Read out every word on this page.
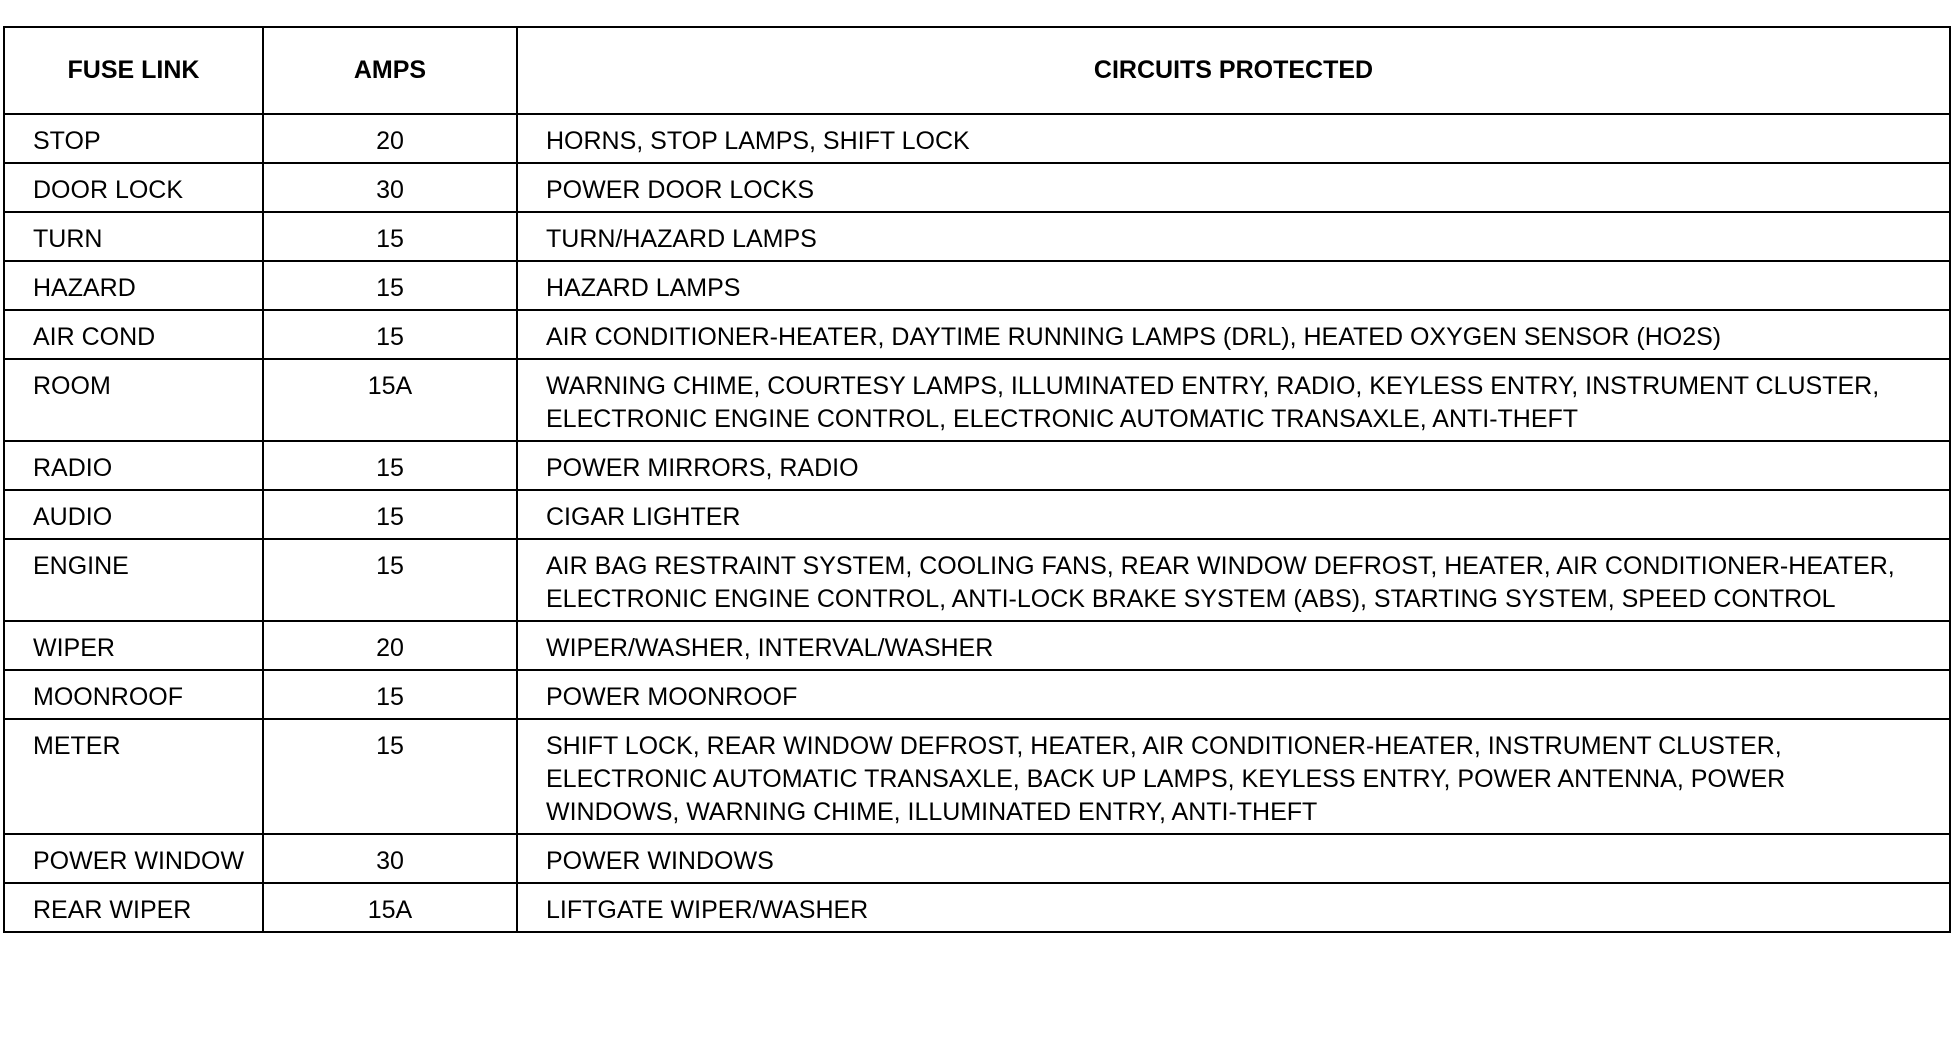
FUSE LINK	AMPS	CIRCUITS PROTECTED
STOP	20	HORNS, STOP LAMPS, SHIFT LOCK
DOOR LOCK	30	POWER DOOR LOCKS
TURN	15	TURN/HAZARD LAMPS
HAZARD	15	HAZARD LAMPS
AIR COND	15	AIR CONDITIONER-HEATER, DAYTIME RUNNING LAMPS (DRL), HEATED OXYGEN SENSOR (HO2S)
ROOM	15A	WARNING CHIME, COURTESY LAMPS, ILLUMINATED ENTRY, RADIO, KEYLESS ENTRY, INSTRUMENT CLUSTER, ELECTRONIC ENGINE CONTROL, ELECTRONIC AUTOMATIC TRANSAXLE, ANTI-THEFT
RADIO	15	POWER MIRRORS, RADIO
AUDIO	15	CIGAR LIGHTER
ENGINE	15	AIR BAG RESTRAINT SYSTEM, COOLING FANS, REAR WINDOW DEFROST, HEATER, AIR CONDITIONER-HEATER, ELECTRONIC ENGINE CONTROL, ANTI-LOCK BRAKE SYSTEM (ABS), STARTING SYSTEM, SPEED CONTROL
WIPER	20	WIPER/WASHER, INTERVAL/WASHER
MOONROOF	15	POWER MOONROOF
METER	15	SHIFT LOCK, REAR WINDOW DEFROST, HEATER, AIR CONDITIONER-HEATER, INSTRUMENT CLUSTER, ELECTRONIC AUTOMATIC TRANSAXLE, BACK UP LAMPS, KEYLESS ENTRY, POWER ANTENNA, POWER WINDOWS, WARNING CHIME, ILLUMINATED ENTRY, ANTI-THEFT
POWER WINDOW	30	POWER WINDOWS
REAR WIPER	15A	LIFTGATE WIPER/WASHER
